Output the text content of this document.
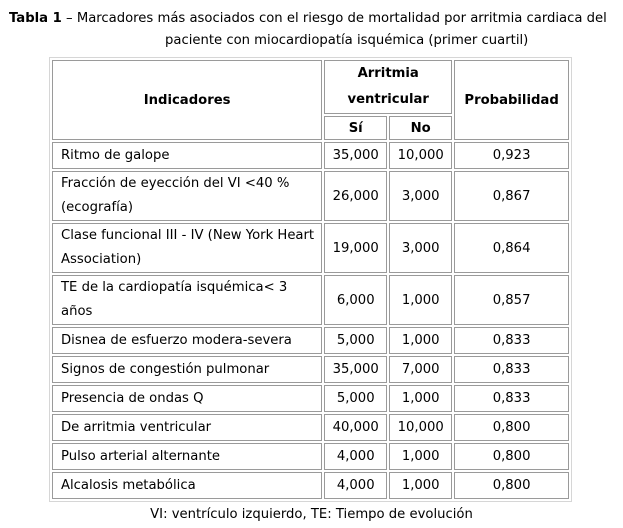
Tabla 1 – Marcadores más asociados con el riesgo de mortalidad por arritmia cardiaca del
paciente con miocardiopatía isquémica (primer cuartil)
Indicadores	Arritmia ventricular		Probabilidad
	Sí	No	
Ritmo de galope	35,000	10,000	0,923
Fracción de eyección del VI <40 % (ecografía)	26,000	3,000	0,867
Clase funcional III - IV (New York Heart Association)	19,000	3,000	0,864
TE de la cardiopatía isquémica< 3 años	6,000	1,000	0,857
Disnea de esfuerzo modera-severa	5,000	1,000	0,833
Signos de congestión pulmonar	35,000	7,000	0,833
Presencia de ondas Q	5,000	1,000	0,833
De arritmia ventricular	40,000	10,000	0,800
Pulso arterial alternante	4,000	1,000	0,800
Alcalosis metabólica	4,000	1,000	0,800
VI: ventrículo izquierdo, TE: Tiempo de evolución
